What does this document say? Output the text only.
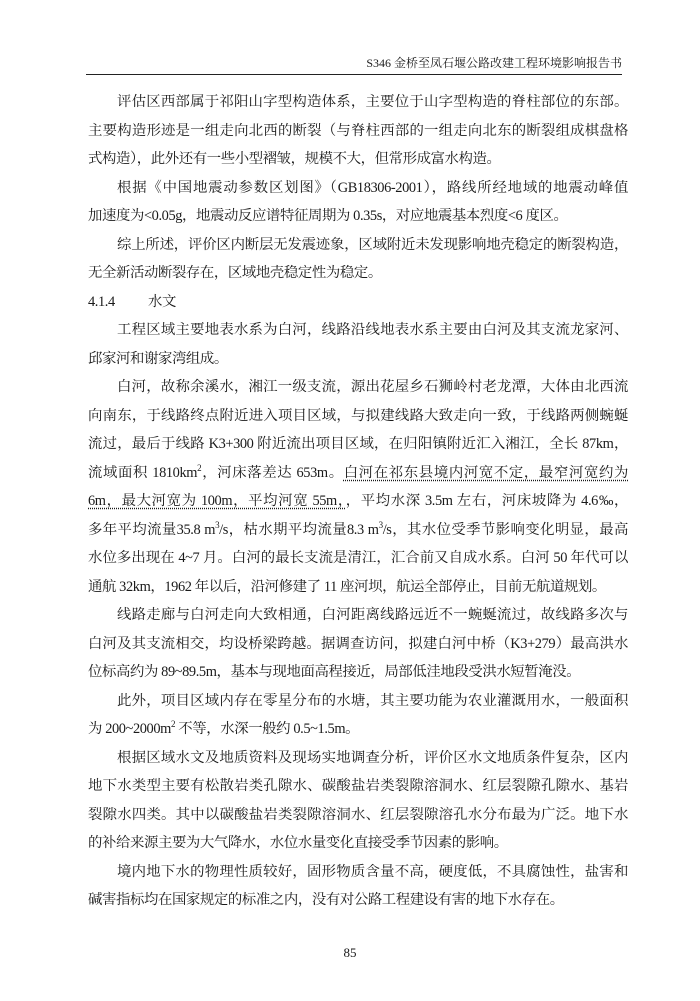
S346 金桥至凤石堰公路改建工程环境影响报告书
评估区西部属于祁阳山字型构造体系，主要位于山字型构造的脊柱部位的东部。
主要构造形迹是一组走向北西的断裂（与脊柱西部的一组走向北东的断裂组成棋盘格
式构造），此外还有一些小型褶皱，规模不大，但常形成富水构造。
根据《中国地震动参数区划图》（GB18306-2001），路线所经地域的地震动峰值
加速度为<0.05g，地震动反应谱特征周期为 0.35s，对应地震基本烈度<6 度区。
综上所述，评价区内断层无发震迹象，区域附近未发现影响地壳稳定的断裂构造，
无全新活动断裂存在，区域地壳稳定性为稳定。
4.1.4 水文
工程区域主要地表水系为白河，线路沿线地表水系主要由白河及其支流龙家河、
邱家河和谢家湾组成。
白河，故称余溪水，湘江一级支流，源出花屋乡石狮岭村老龙潭，大体由北西流
向南东，于线路终点附近进入项目区域，与拟建线路大致走向一致，于线路两侧蜿蜒
流过，最后于线路 K3+300 附近流出项目区域，在归阳镇附近汇入湘江，全长 87km，
流域面积 $1810km^2$，河床落差达 653m。白河在祁东县境内河宽不定，最窄河宽约为
6m，最大河宽为 100m，平均河宽 55m，，平均水深 3.5m 左右，河床坡降为 4.6‰，
多年平均流量35.8 $m^3/s$，枯水期平均流量8.3 $m^3/s$，其水位受季节影响变化明显，最高
水位多出现在 4~7 月。白河的最长支流是清江，汇合前又自成水系。白河 50 年代可以
通航 32km，1962 年以后，沿河修建了 11 座河坝，航运全部停止，目前无航道规划。
线路走廊与白河走向大致相通，白河距离线路远近不一蜿蜒流过，故线路多次与
白河及其支流相交，均设桥梁跨越。据调查访问，拟建白河中桥（K3+279）最高洪水
位标高约为 89~89.5m，基本与现地面高程接近，局部低洼地段受洪水短暂淹没。
此外，项目区域内存在零星分布的水塘，其主要功能为农业灌溉用水，一般面积
为 $200\sim 2000m^2$ 不等，水深一般约 0.5~1.5m。
根据区域水文及地质资料及现场实地调查分析，评价区水文地质条件复杂，区内
地下水类型主要有松散岩类孔隙水、碳酸盐岩类裂隙溶洞水、红层裂隙孔隙水、基岩
裂隙水四类。其中以碳酸盐岩类裂隙溶洞水、红层裂隙溶孔水分布最为广泛。地下水
的补给来源主要为大气降水，水位水量变化直接受季节因素的影响。
境内地下水的物理性质较好，固形物质含量不高，硬度低，不具腐蚀性，盐害和
碱害指标均在国家规定的标准之内，没有对公路工程建设有害的地下水存在。
85
